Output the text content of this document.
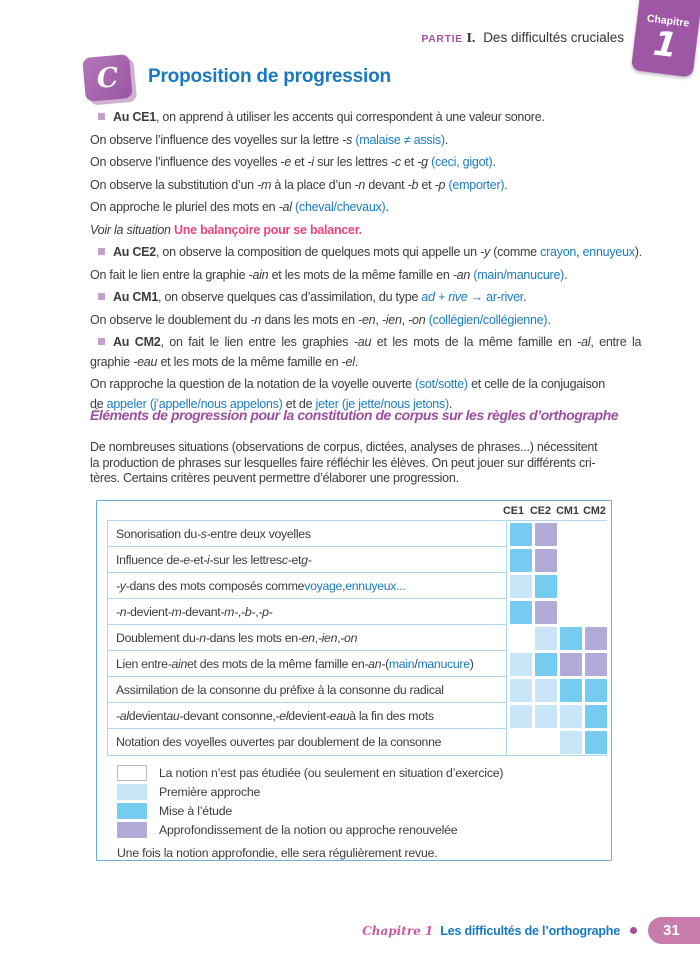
Chapitre
1
PARTIE I. Des difficultés cruciales
C Proposition de progression
Au CE1, on apprend à utiliser les accents qui correspondent à une valeur sonore.
On observe l’influence des voyelles sur la lettre -s (malaise ≠ assis).
On observe l’influence des voyelles -e et -i sur les lettres -c et -g (ceci, gigot).
On observe la substitution d’un -m à la place d’un -n devant -b et -p (emporter).
On approche le pluriel des mots en -al (cheval/chevaux).
Voir la situation Une balançoire pour se balancer.
Au CE2, on observe la composition de quelques mots qui appelle un -y (comme crayon, ennuyeux).
On fait le lien entre la graphie -ain et les mots de la même famille en -an (main/manucure).
Au CM1, on observe quelques cas d’assimilation, du type ad + rive → ar-river.
On observe le doublement du -n dans les mots en -en, -ien, -on (collégien/collégienne).
Au CM2, on fait le lien entre les graphies -au et les mots de la même famille en -al, entre la
graphie -eau et les mots de la même famille en -el.
On rapproche la question de la notation de la voyelle ouverte (sot/sotte) et celle de la conjugaison
de appeler (j’appelle/nous appelons) et de jeter (je jette/nous jetons).
Éléments de progression pour la constitution de corpus sur les règles d’orthographe
De nombreuses situations (observations de corpus, dictées, analyses de phrases...) nécessitent
la production de phrases sur lesquelles faire réfléchir les élèves. On peut jouer sur différents cri-
tères. Certains critères peuvent permettre d’élaborer une progression.
CE1 CE2 CM1 CM2
Sonorisation du -s- entre deux voyelles
Influence de -e- et -i- sur les lettres c- et g-
-y- dans des mots composés comme voyage , ennuyeux...
-n- devient -m- devant -m- , -b- , -p-
Doublement du -n- dans les mots en -en , -ien , -on
Lien entre -ain et des mots de la même famille en -an- ( main / manucure )
Assimilation de la consonne du préfixe à la consonne du radical
-al devient au- devant consonne, -el devient -eau à la fin des mots
Notation des voyelles ouvertes par doublement de la consonne
La notion n’est pas étudiée (ou seulement en situation d’exercice)
Première approche
Mise à l’étude
Approfondissement de la notion ou approche renouvelée
Une fois la notion approfondie, elle sera régulièrement revue.
Chapitre 1 Les difficultés de l’orthographe	31
